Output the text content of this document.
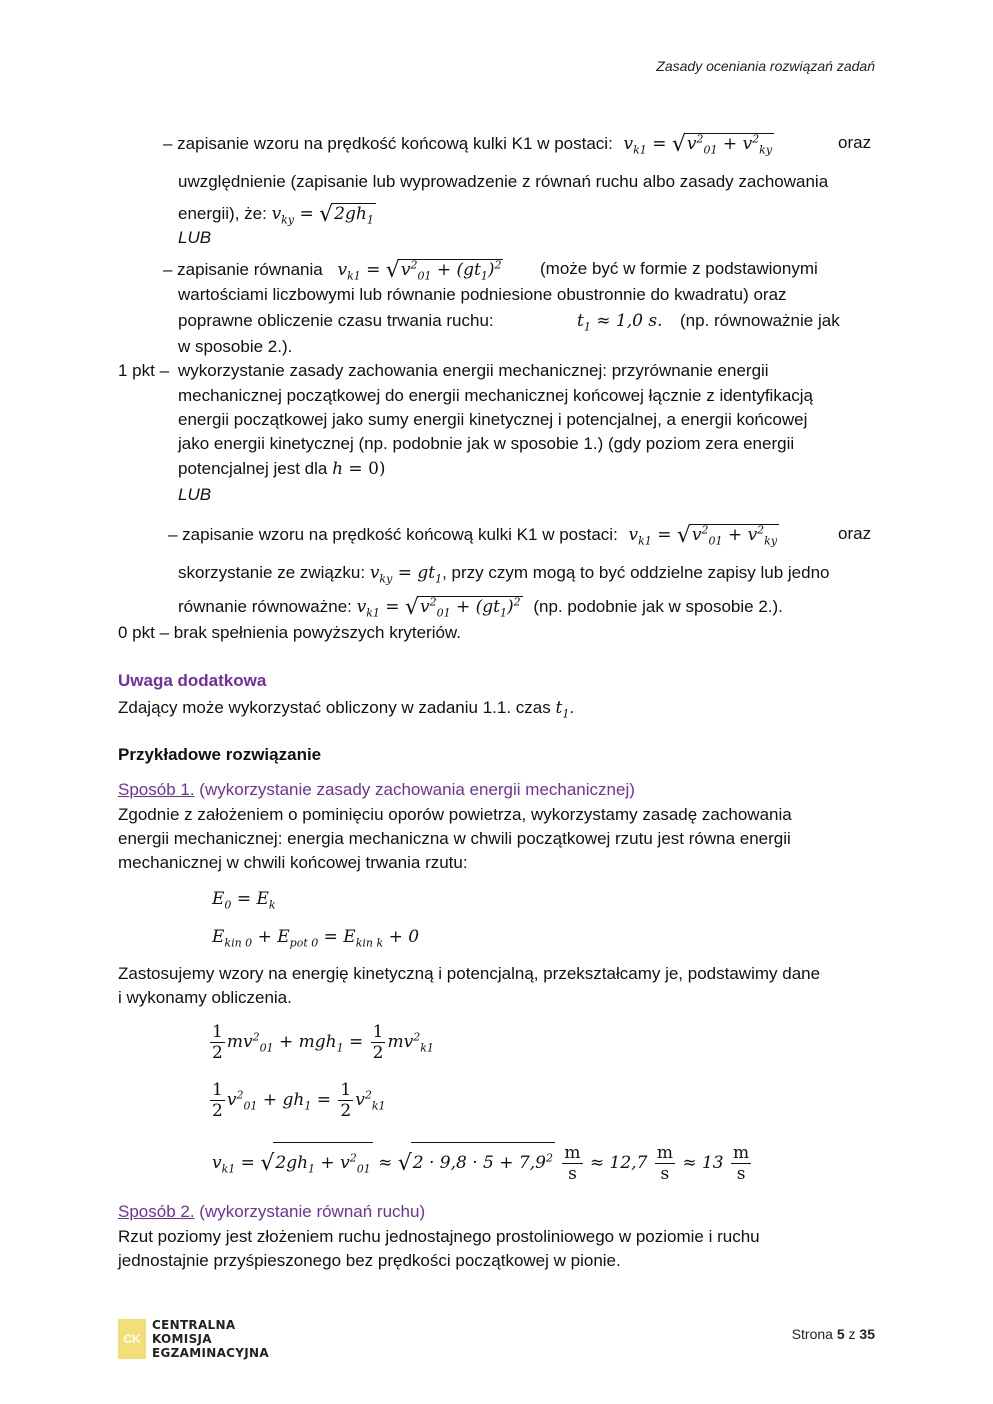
Zasady oceniania rozwiązań zadań
– zapisanie wzoru na prędkość końcową kulki K1 w postaci: $v_{k1} = √v^2_{01} + v^2_{ky}$	oraz
uwzględnienie (zapisanie lub wyprowadzenie z równań ruchu albo zasady zachowania
energii), że: $v_{ky} = √2gh_1$
LUB
– zapisanie równania $v_{k1} = √v^2_{01} + (gt_1)^2$ (może być w formie z podstawionymi
wartościami liczbowymi lub równanie podniesione obustronnie do kwadratu) oraz
poprawne obliczenie czasu trwania ruchu:	$t_1 \approx 1,0$ s. (np. równoważnie jak
w sposobie 2.).
1 pkt – wykorzystanie zasady zachowania energii mechanicznej: przyrównanie energii
mechanicznej początkowej do energii mechanicznej końcowej łącznie z identyfikacją
energii początkowej jako sumy energii kinetycznej i potencjalnej, a energii końcowej
jako energii kinetycznej (np. podobnie jak w sposobie 1.) (gdy poziom zera energii
potencjalnej jest dla h = 0)
LUB
– zapisanie wzoru na prędkość końcową kulki K1 w postaci: $v_{k1} = √v^2_{01} + v^2_{ky}$	oraz
skorzystanie ze związku: $v_{ky} = gt_1$, przy czym mogą to być oddzielne zapisy lub jedno
równanie równoważne: $v_{k1} = √v^2_{01} + (gt_1)^2$ (np. podobnie jak w sposobie 2.).
0 pkt – brak spełnienia powyższych kryteriów.
Uwaga dodatkowa
Zdający może wykorzystać obliczony w zadaniu 1.1. czas $t_1$.
Przykładowe rozwiązanie
Sposób 1. (wykorzystanie zasady zachowania energii mechanicznej)
Zgodnie z założeniem o pominięciu oporów powietrza, wykorzystamy zasadę zachowania
energii mechanicznej: energia mechaniczna w chwili początkowej rzutu jest równa energii
mechanicznej w chwili końcowej trwania rzutu:
$E_0 = E_k$
$E_{kin 0} + E_{pot 0} = E_{kin k} + 0$
Zastosujemy wzory na energię kinetyczną i potencjalną, przekształcamy je, podstawimy dane
i wykonamy obliczenia.
$\frac{1}{2} mv^2_{01} + mgh_1 = \frac{1}{2} mv^2_{k1}$
$\frac{1}{2} v^2_{01} + gh_1 = \frac{1}{2} v^2_{k1}$
$v_{k1} = √2gh_1 + v^2_{01} \approx √2 \cdot 9,8 \cdot 5 + 7,9^2 \frac{m}{s} \approx 12,7 \frac{m}{s} \approx 13 \frac{m}{s}$
Sposób 2. (wykorzystanie równań ruchu)
Rzut poziomy jest złożeniem ruchu jednostajnego prostoliniowego w poziomie i ruchu
jednostajnie przyśpieszonego bez prędkości początkowej w pionie.
CK
CENTRALNA
KOMISJA
EGZAMINACYJNA
Strona 5 z 35
